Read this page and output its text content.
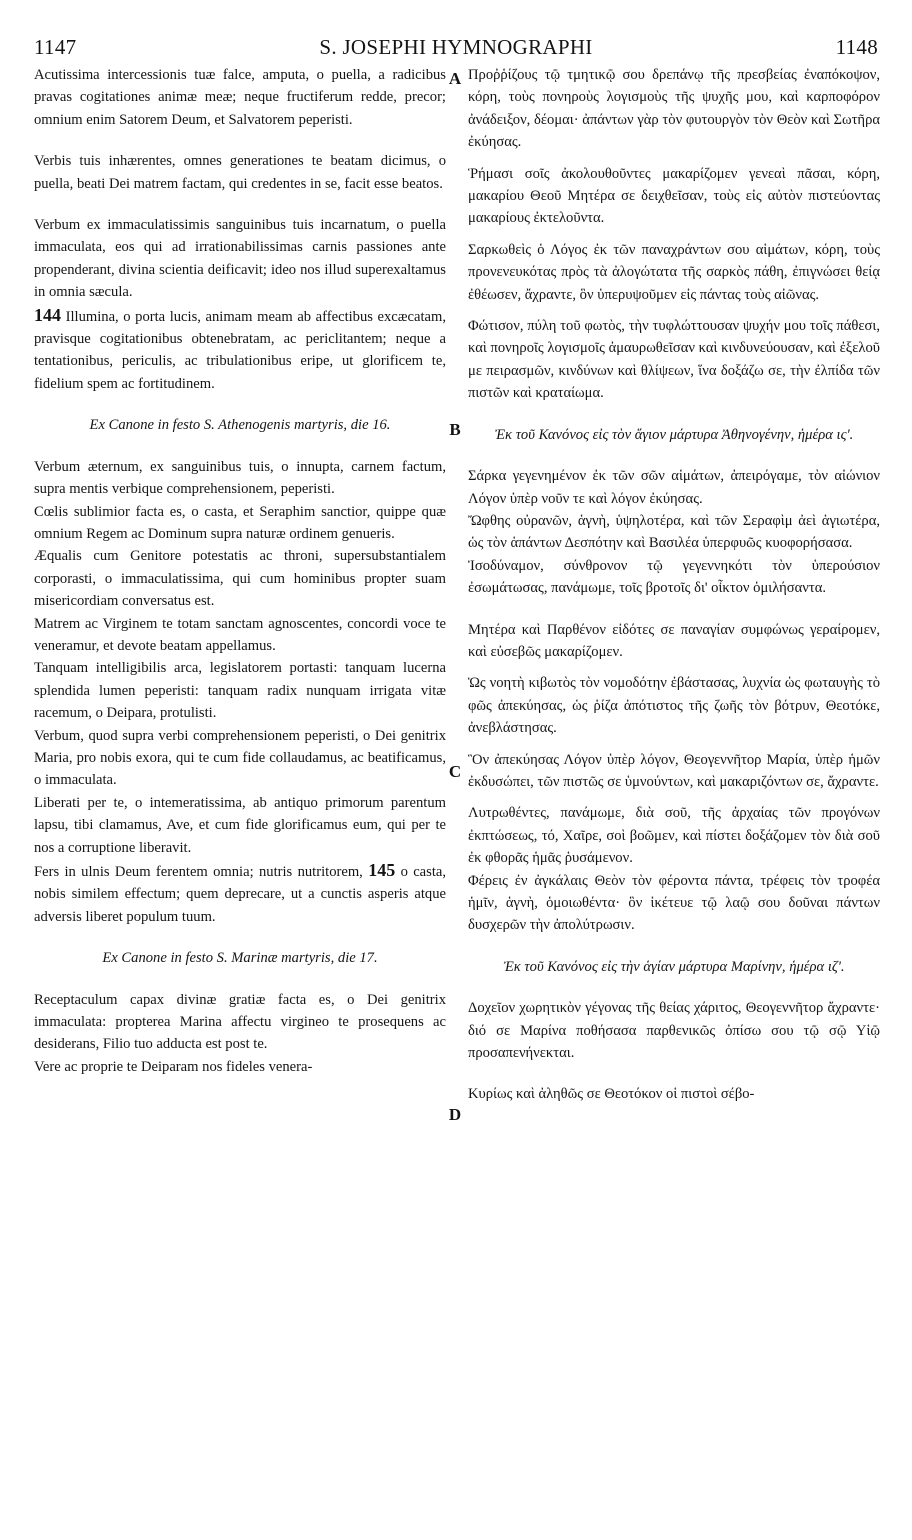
1147	S. JOSEPHI HYMNOGRAPHI	1148
A
B
C
D

Acutissima intercessionis tuæ falce, amputa, o puella, a radicibus pravas cogitationes animæ meæ; neque fructiferum redde, precor; omnium enim Satorem Deum, et Salvatorem peperisti.

Verbis tuis inhærentes, omnes generationes te beatam dicimus, o puella, beati Dei matrem factam, qui credentes in se, facit esse beatos.

Verbum ex immaculatissimis sanguinibus tuis incarnatum, o puella immaculata, eos qui ad irrationabilissimas carnis passiones ante propenderant, divina scientia deificavit; ideo nos illud superexaltamus in omnia sæcula.

144 Illumina, o porta lucis, animam meam ab affectibus excæcatam, pravisque cogitationibus obtenebratam, ac periclitantem; neque a tentationibus, periculis, ac tribulationibus eripe, ut glorificem te, fidelium spem ac fortitudinem.

Ex Canone in festo S. Athenogenis martyris, die 16.

Verbum æternum, ex sanguinibus tuis, o innupta, carnem factum, supra mentis verbique comprehensionem, peperisti.

Cœlis sublimior facta es, o casta, et Seraphim sanctior, quippe quæ omnium Regem ac Dominum supra naturæ ordinem genueris.

Æqualis cum Genitore potestatis ac throni, supersubstantialem corporasti, o immaculatissima, qui cum hominibus propter suam misericordiam conversatus est.

Matrem ac Virginem te totam sanctam agnoscentes, concordi voce te veneramur, et devote beatam appellamus.

Tanquam intelligibilis arca, legislatorem portasti: tanquam lucerna splendida lumen peperisti: tanquam radix nunquam irrigata vitæ racemum, o Deipara, protulisti.

Verbum, quod supra verbi comprehensionem peperisti, o Dei genitrix Maria, pro nobis exora, qui te cum fide collaudamus, ac beatificamus, o immaculata.

Liberati per te, o intemeratissima, ab antiquo primorum parentum lapsu, tibi clamamus, Ave, et cum fide glorificamus eum, qui per te nos a corruptione liberavit.

Fers in ulnis Deum ferentem omnia; nutris nutritorem, 145 o casta, nobis similem effectum; quem deprecare, ut a cunctis asperis atque adversis liberet populum tuum.

Ex Canone in festo S. Marinæ martyris, die 17.

Receptaculum capax divinæ gratiæ facta es, o Dei genitrix immaculata: propterea Marina affectu virgineo te prosequens ac desiderans, Filio tuo adducta est post te.

Vere ac proprie te Deiparam nos fideles venera-

Προῤῥίζους τῷ τμητικῷ σου δρεπάνῳ τῆς πρεσβείας ἐναπόκοψον, κόρη, τοὺς πονηροὺς λογισμοὺς τῆς ψυχῆς μου, καὶ καρποφόρον ἀνάδειξον, δέομαι· ἀπάντων γὰρ τὸν φυτουργὸν τὸν Θεὸν καὶ Σωτῆρα ἐκύησας.

Ῥήμασι σοῖς ἀκολουθοῦντες μακαρίζομεν γενεαὶ πᾶσαι, κόρη, μακαρίου Θεοῦ Μητέρα σε δειχθεῖσαν, τοὺς εἰς αὐτὸν πιστεύοντας μακαρίους ἐκτελοῦντα.

Σαρκωθεὶς ὁ Λόγος ἐκ τῶν παναχράντων σου αἱμάτων, κόρη, τοὺς προνενευκότας πρὸς τὰ ἀλογώτατα τῆς σαρκὸς πάθη, ἐπιγνώσει θείᾳ ἐθέωσεν, ἄχραντε, ὃν ὑπερυψοῦμεν εἰς πάντας τοὺς αἰῶνας.

Φώτισον, πύλη τοῦ φωτὸς, τὴν τυφλώττουσαν ψυχήν μου τοῖς πάθεσι, καὶ πονηροῖς λογισμοῖς ἀμαυρωθεῖσαν καὶ κινδυνεύουσαν, καὶ ἐξελοῦ με πειρασμῶν, κινδύνων καὶ θλίψεων, ἵνα δοξάζω σε, τὴν ἐλπίδα τῶν πιστῶν καὶ κραταίωμα.

Ἐκ τοῦ Κανόνος εἰς τὸν ἅγιον μάρτυρα Ἀθηνογένην, ἡμέρα ις'.

Σάρκα γεγενημένον ἐκ τῶν σῶν αἱμάτων, ἀπειρόγαμε, τὸν αἰώνιον Λόγον ὑπὲρ νοῦν τε καὶ λόγον ἐκύησας.

Ὤφθης οὐρανῶν, ἁγνὴ, ὑψηλοτέρα, καὶ τῶν Σεραφὶμ ἀεὶ ἁγιωτέρα, ὡς τὸν ἁπάντων Δεσπότην καὶ Βασιλέα ὑπερφυῶς κυοφορήσασα.

Ἰσοδύναμον, σύνθρονον τῷ γεγεννηκότι τὸν ὑπερούσιον ἐσωμάτωσας, πανάμωμε, τοῖς βροτοῖς δι' οἶκτον ὁμιλήσαντα.

Μητέρα καὶ Παρθένον εἰδότες σε παναγίαν συμφώνως γεραίρομεν, καὶ εὐσεβῶς μακαρίζομεν.

Ὡς νοητὴ κιβωτὸς τὸν νομοδότην ἐβάστασας, λυχνία ὡς φωταυγὴς τὸ φῶς ἀπεκύησας, ὡς ῥίζα ἀπότιστος τῆς ζωῆς τὸν βότρυν, Θεοτόκε, ἀνεβλάστησας.

Ὃν ἀπεκύησας Λόγον ὑπὲρ λόγον, Θεογεννῆτορ Μαρία, ὑπὲρ ἡμῶν ἐκδυσώπει, τῶν πιστῶς σε ὑμνούντων, καὶ μακαριζόντων σε, ἄχραντε.

Λυτρωθέντες, πανάμωμε, διὰ σοῦ, τῆς ἀρχαίας τῶν προγόνων ἐκπτώσεως, τό, Χαῖρε, σοὶ βοῶμεν, καὶ πίστει δοξάζομεν τὸν διὰ σοῦ ἐκ φθορᾶς ἡμᾶς ῥυσάμενον.

Φέρεις ἐν ἀγκάλαις Θεὸν τὸν φέροντα πάντα, τρέφεις τὸν τροφέα ἡμῖν, ἁγνὴ, ὁμοιωθέντα· ὃν ἱκέτευε τῷ λαῷ σου δοῦναι πάντων δυσχερῶν τὴν ἀπολύτρωσιν.

Ἐκ τοῦ Κανόνος εἰς τὴν ἁγίαν μάρτυρα Μαρίνην, ἡμέρα ιζ'.

Δοχεῖον χωρητικὸν γέγονας τῆς θείας χάριτος, Θεογεννῆτορ ἄχραντε· διό σε Μαρίνα ποθήσασα παρθενικῶς ὀπίσω σου τῷ σῷ Υἱῷ προσαπενήνεκται.

Κυρίως καὶ ἀληθῶς σε Θεοτόκον οἱ πιστοὶ σέβο-
